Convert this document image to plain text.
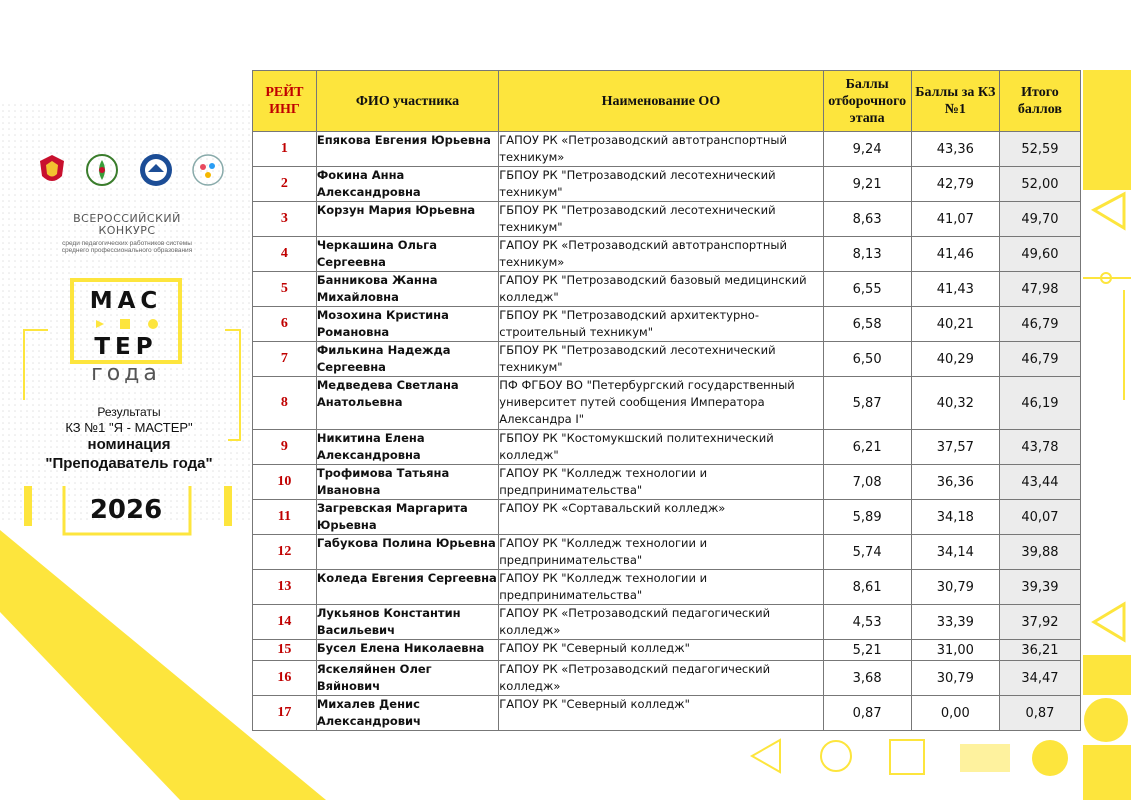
ВСЕРОССИЙСКИЙ КОНКУРС
среди педагогических работников системы среднего профессионального образования
МАС
ТЕР
года
Результаты
КЗ №1 "Я - МАСТЕР"
номинация
"Преподаватель года"
2026
РЕЙТ ИНГ	ФИО участника	Наименование ОО	Баллы отборочного этапа	Баллы за КЗ №1	Итого баллов
1	Епякова Евгения Юрьевна	ГАПОУ РК «Петрозаводский автотранспортный техникум»	9,24	43,36	52,59
2	Фокина Анна Александровна	ГБПОУ РК "Петрозаводский лесотехнический техникум"	9,21	42,79	52,00
3	Корзун Мария Юрьевна	ГБПОУ РК "Петрозаводский лесотехнический техникум"	8,63	41,07	49,70
4	Черкашина Ольга Сергеевна	ГАПОУ РК «Петрозаводский автотранспортный техникум»	8,13	41,46	49,60
5	Банникова Жанна Михайловна	ГАПОУ РК "Петрозаводский базовый медицинский колледж"	6,55	41,43	47,98
6	Мозохина Кристина Романовна	ГБПОУ РК "Петрозаводский архитектурно-строительный техникум"	6,58	40,21	46,79
7	Филькина Надежда Сергеевна	ГБПОУ РК "Петрозаводский лесотехнический техникум"	6,50	40,29	46,79
8	Медведева Светлана Анатольевна	ПФ ФГБОУ ВО "Петербургский государственный университет путей сообщения Императора Александра I"	5,87	40,32	46,19
9	Никитина Елена Александровна	ГБПОУ РК "Костомукшский политехнический колледж"	6,21	37,57	43,78
10	Трофимова Татьяна Ивановна	ГАПОУ РК "Колледж технологии и предпринимательства"	7,08	36,36	43,44
11	Загревская Маргарита Юрьевна	ГАПОУ РК «Сортавальский колледж»	5,89	34,18	40,07
12	Габукова Полина Юрьевна	ГАПОУ РК "Колледж технологии и предпринимательства"	5,74	34,14	39,88
13	Коледа Евгения Сергеевна	ГАПОУ РК "Колледж технологии и предпринимательства"	8,61	30,79	39,39
14	Лукьянов Константин Васильевич	ГАПОУ РК «Петрозаводский педагогический колледж»	4,53	33,39	37,92
15	Бусел Елена Николаевна	ГАПОУ РК "Северный колледж"	5,21	31,00	36,21
16	Яскеляйнен Олег Вяйнович	ГАПОУ РК «Петрозаводский педагогический колледж»	3,68	30,79	34,47
17	Михалев Денис Александрович	ГАПОУ РК "Северный колледж"	0,87	0,00	0,87
